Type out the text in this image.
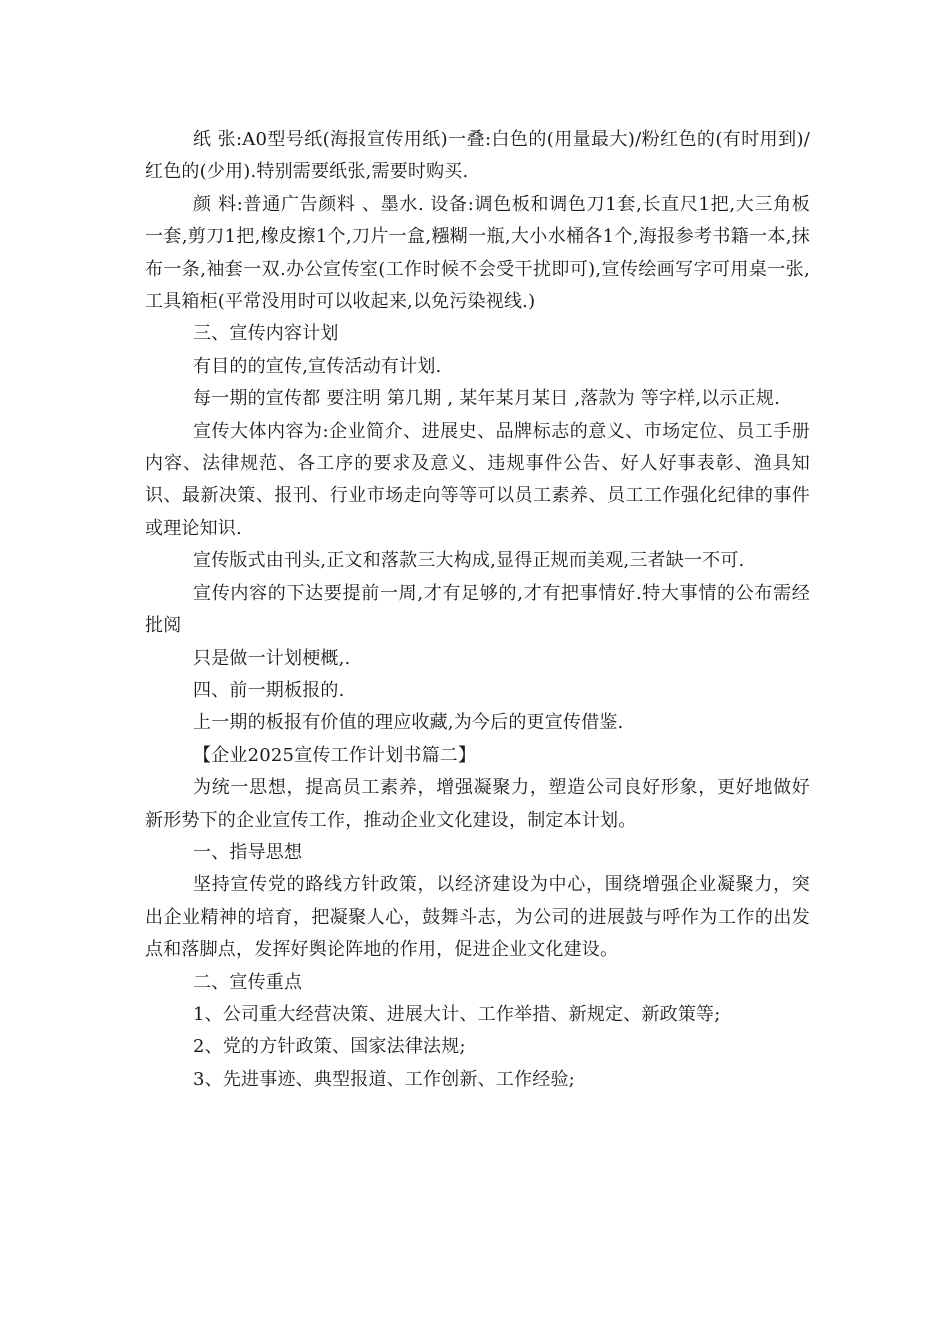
纸 张:A0型号纸(海报宣传用纸)一叠:白色的(用量最大)/粉红色的(有时用到)/红色的(少用).特别需要纸张,需要时购买.

颜 料:普通广告颜料 、墨水. 设备:调色板和调色刀1套,长直尺1把,大三角板一套,剪刀1把,橡皮擦1个,刀片一盒,糨糊一瓶,大小水桶各1个,海报参考书籍一本,抹布一条,袖套一双.办公宣传室(工作时候不会受干扰即可),宣传绘画写字可用桌一张,工具箱柜(平常没用时可以收起来,以免污染视线.)

三、宣传内容计划

有目的的宣传,宣传活动有计划.

每一期的宣传都 要注明 第几期 , 某年某月某日 ,落款为 等字样,以示正规.

宣传大体内容为:企业简介、进展史、品牌标志的意义、市场定位、员工手册内容、法律规范、各工序的要求及意义、违规事件公告、好人好事表彰、渔具知识、最新决策、报刊、行业市场走向等等可以员工素养、员工工作强化纪律的事件或理论知识.

宣传版式由刊头,正文和落款三大构成,显得正规而美观,三者缺一不可.

宣传内容的下达要提前一周,才有足够的,才有把事情好.特大事情的公布需经批阅

只是做一计划梗概,.

四、前一期板报的.

上一期的板报有价值的理应收藏,为今后的更宣传借鉴.

【企业2025宣传工作计划书篇二】

为统一思想，提高员工素养，增强凝聚力，塑造公司良好形象，更好地做好新形势下的企业宣传工作，推动企业文化建设，制定本计划。

一、指导思想

坚持宣传党的路线方针政策，以经济建设为中心，围绕增强企业凝聚力，突出企业精神的培育，把凝聚人心，鼓舞斗志，为公司的进展鼓与呼作为工作的出发点和落脚点，发挥好舆论阵地的作用，促进企业文化建设。

二、宣传重点

1、公司重大经营决策、进展大计、工作举措、新规定、新政策等;

2、党的方针政策、国家法律法规;

3、先进事迹、典型报道、工作创新、工作经验;
